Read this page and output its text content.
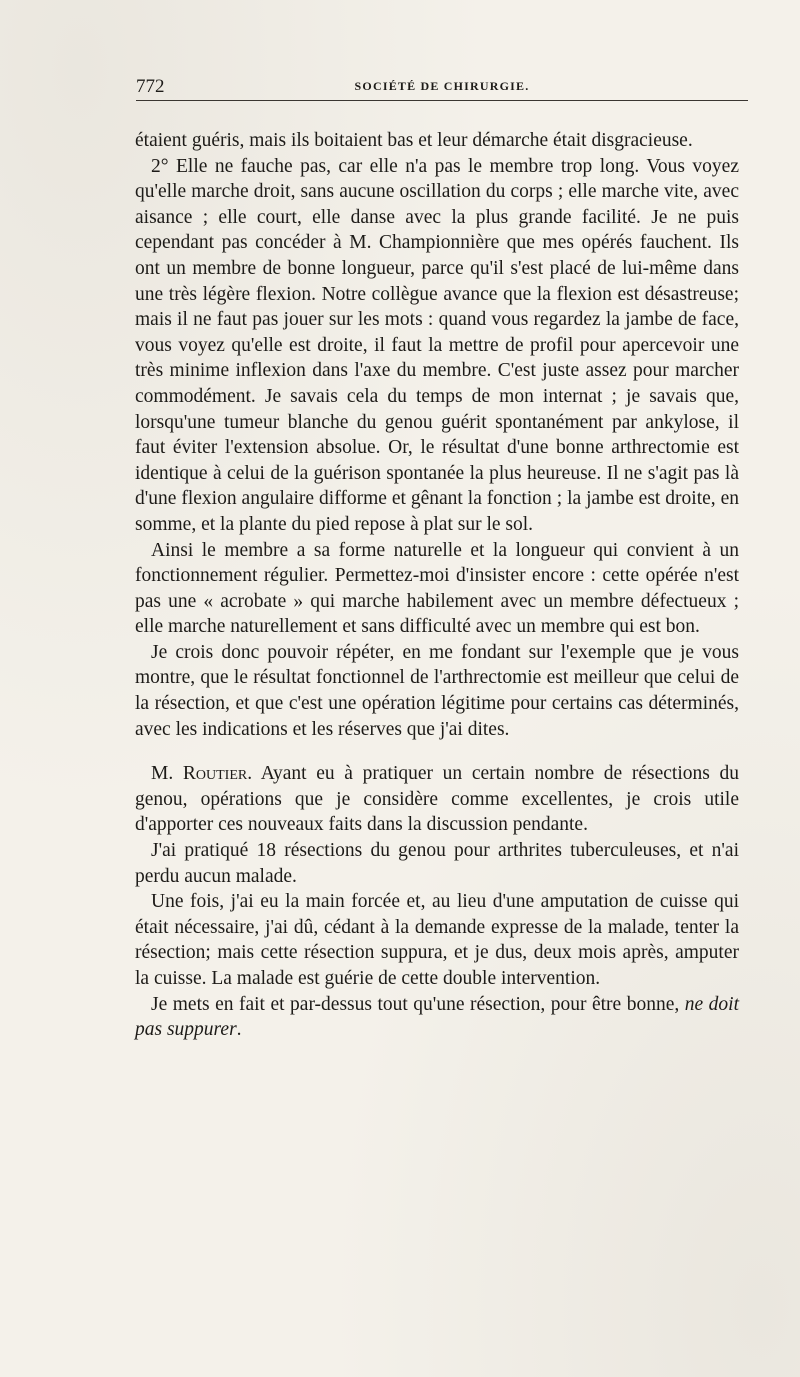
772	SOCIÉTÉ DE CHIRURGIE.

étaient guéris, mais ils boitaient bas et leur démarche était disgracieuse.

2° Elle ne fauche pas, car elle n'a pas le membre trop long. Vous voyez qu'elle marche droit, sans aucune oscillation du corps ; elle marche vite, avec aisance ; elle court, elle danse avec la plus grande facilité. Je ne puis cependant pas concéder à M. Championnière que mes opérés fauchent. Ils ont un membre de bonne longueur, parce qu'il s'est placé de lui-même dans une très légère flexion. Notre collègue avance que la flexion est désastreuse; mais il ne faut pas jouer sur les mots : quand vous regardez la jambe de face, vous voyez qu'elle est droite, il faut la mettre de profil pour apercevoir une très minime inflexion dans l'axe du membre. C'est juste assez pour marcher commodément. Je savais cela du temps de mon internat ; je savais que, lorsqu'une tumeur blanche du genou guérit spontanément par ankylose, il faut éviter l'extension absolue. Or, le résultat d'une bonne arthrectomie est identique à celui de la guérison spontanée la plus heureuse. Il ne s'agit pas là d'une flexion angulaire difforme et gênant la fonction ; la jambe est droite, en somme, et la plante du pied repose à plat sur le sol.

Ainsi le membre a sa forme naturelle et la longueur qui convient à un fonctionnement régulier. Permettez-moi d'insister encore : cette opérée n'est pas une « acrobate » qui marche habilement avec un membre défectueux ; elle marche naturellement et sans difficulté avec un membre qui est bon.

Je crois donc pouvoir répéter, en me fondant sur l'exemple que je vous montre, que le résultat fonctionnel de l'arthrectomie est meilleur que celui de la résection, et que c'est une opération légitime pour certains cas déterminés, avec les indications et les réserves que j'ai dites.

M. Routier. Ayant eu à pratiquer un certain nombre de résections du genou, opérations que je considère comme excellentes, je crois utile d'apporter ces nouveaux faits dans la discussion pendante.

J'ai pratiqué 18 résections du genou pour arthrites tuberculeuses, et n'ai perdu aucun malade.

Une fois, j'ai eu la main forcée et, au lieu d'une amputation de cuisse qui était nécessaire, j'ai dû, cédant à la demande expresse de la malade, tenter la résection; mais cette résection suppura, et je dus, deux mois après, amputer la cuisse. La malade est guérie de cette double intervention.

Je mets en fait et par-dessus tout qu'une résection, pour être bonne, ne doit pas suppurer.
